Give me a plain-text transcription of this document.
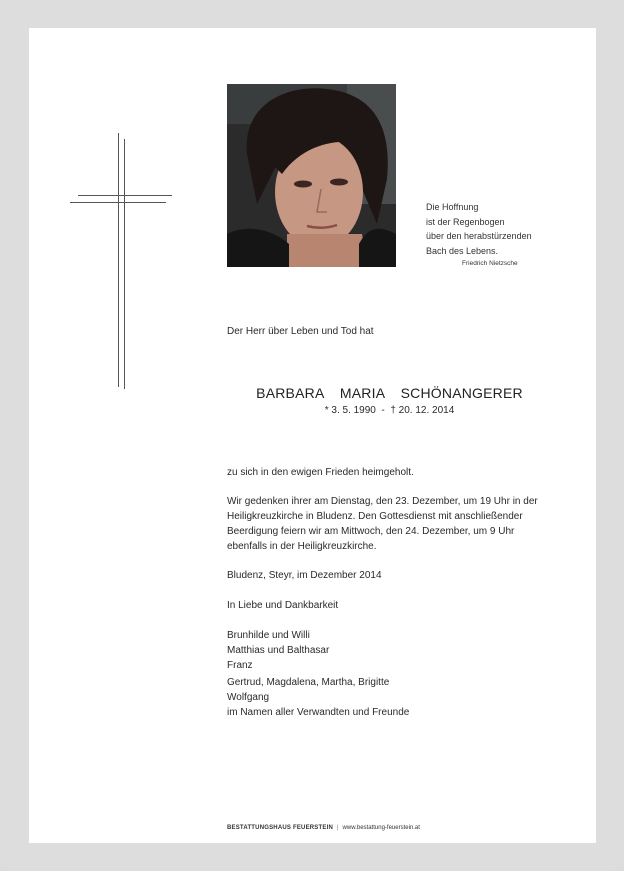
Die Hoffnung
ist der Regenbogen
über den herabstürzenden
Bach des Lebens.
Friedrich Nietzsche
Der Herr über Leben und Tod hat
BARBARA  MARIA  SCHÖNANGERER
* 3. 5. 1990  -  † 20. 12. 2014

zu sich in den ewigen Frieden heimgeholt.

Wir gedenken ihrer am Dienstag, den 23. Dezember, um 19 Uhr in der

Heiligkreuzkirche in Bludenz. Den Gottesdienst mit anschließender

Beerdigung feiern wir am Mittwoch, den 24. Dezember, um 9 Uhr

ebenfalls in der Heiligkreuzkirche.

Bludenz, Steyr, im Dezember 2014

In Liebe und Dankbarkeit

Brunhilde und Willi

Matthias und Balthasar

Franz

Gertrud, Magdalena, Martha, Brigitte

Wolfgang

im Namen aller Verwandten und Freunde

BESTATTUNGSHAUS FEUERSTEIN | www.bestattung-feuerstein.at
